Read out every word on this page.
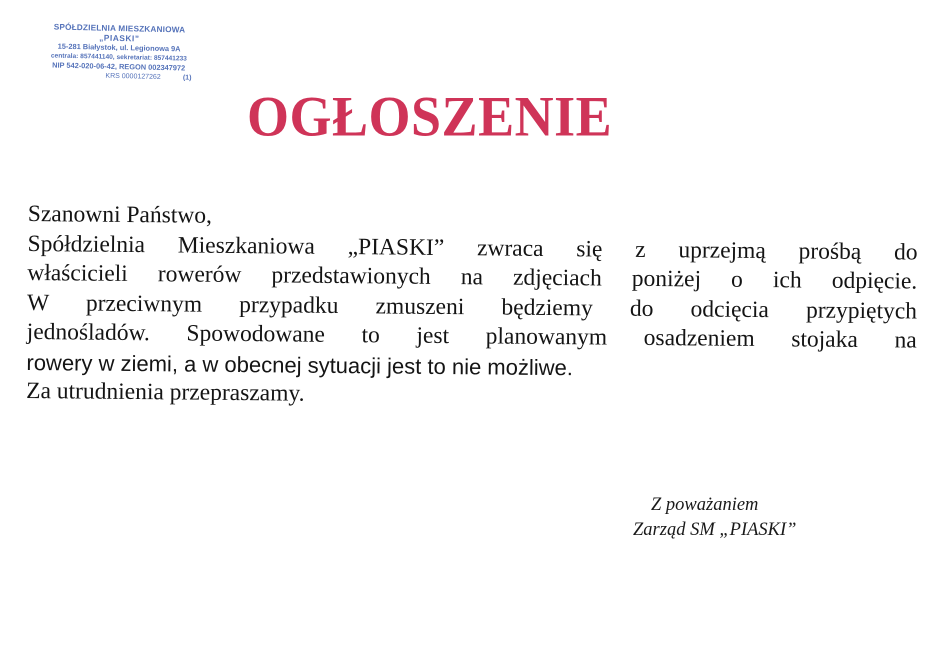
SPÓŁDZIELNIA MIESZKANIOWA
„PIASKI”
15-281 Białystok, ul. Legionowa 9A
centrala: 857441140, sekretariat: 857441233
NIP 542-020-06-42, REGON 002347972
KRS 0000127262	(1)
OGŁOSZENIE
Szanowni Państwo,
Spółdzielnia Mieszkaniowa „PIASKI” zwraca się z uprzejmą prośbą do
właścicieli rowerów przedstawionych na zdjęciach poniżej o ich odpięcie.
W przeciwnym przypadku zmuszeni będziemy do odcięcia przypiętych
jednośladów. Spowodowane to jest planowanym osadzeniem stojaka na
rowery w ziemi, a w obecnej sytuacji jest to nie możliwe.
Za utrudnienia przepraszamy.
Z poważaniem
Zarząd SM „PIASKI”
